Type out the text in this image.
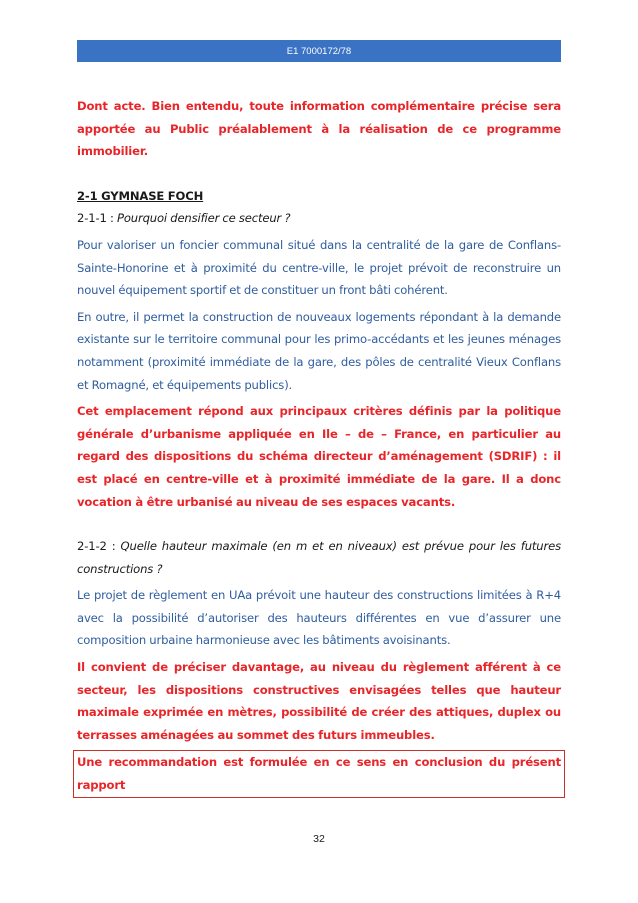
E1 7000172/78

Dont acte. Bien entendu, toute information complémentaire précise sera apportée au Public préalablement à la réalisation de ce programme immobilier.

2-1 GYMNASE FOCH

2-1-1 : Pourquoi densifier ce secteur ?

Pour valoriser un foncier communal situé dans la centralité de la gare de Conflans-Sainte-Honorine et à proximité du centre-ville, le projet prévoit de reconstruire un nouvel équipement sportif et de constituer un front bâti cohérent.

En outre, il permet la construction de nouveaux logements répondant à la demande existante sur le territoire communal pour les primo-accédants et les jeunes ménages notamment (proximité immédiate de la gare, des pôles de centralité Vieux Conflans et Romagné, et équipements publics).

Cet emplacement répond aux principaux critères définis par la politique générale d’urbanisme appliquée en Ile – de – France, en particulier au regard des dispositions du schéma directeur d’aménagement (SDRIF) : il est placé en centre-ville et à proximité immédiate de la gare. Il a donc vocation à être urbanisé au niveau de ses espaces vacants.

2-1-2 : Quelle hauteur maximale (en m et en niveaux) est prévue pour les futures constructions ?

Le projet de règlement en UAa prévoit une hauteur des constructions limitées à R+4 avec la possibilité d’autoriser des hauteurs différentes en vue d’assurer une composition urbaine harmonieuse avec les bâtiments avoisinants.

Il convient de préciser davantage, au niveau du règlement afférent à ce secteur, les dispositions constructives envisagées telles que hauteur maximale exprimée en mètres, possibilité de créer des attiques, duplex ou terrasses aménagées au sommet des futurs immeubles.

Une recommandation est formulée en ce sens en conclusion du présent rapport

32
